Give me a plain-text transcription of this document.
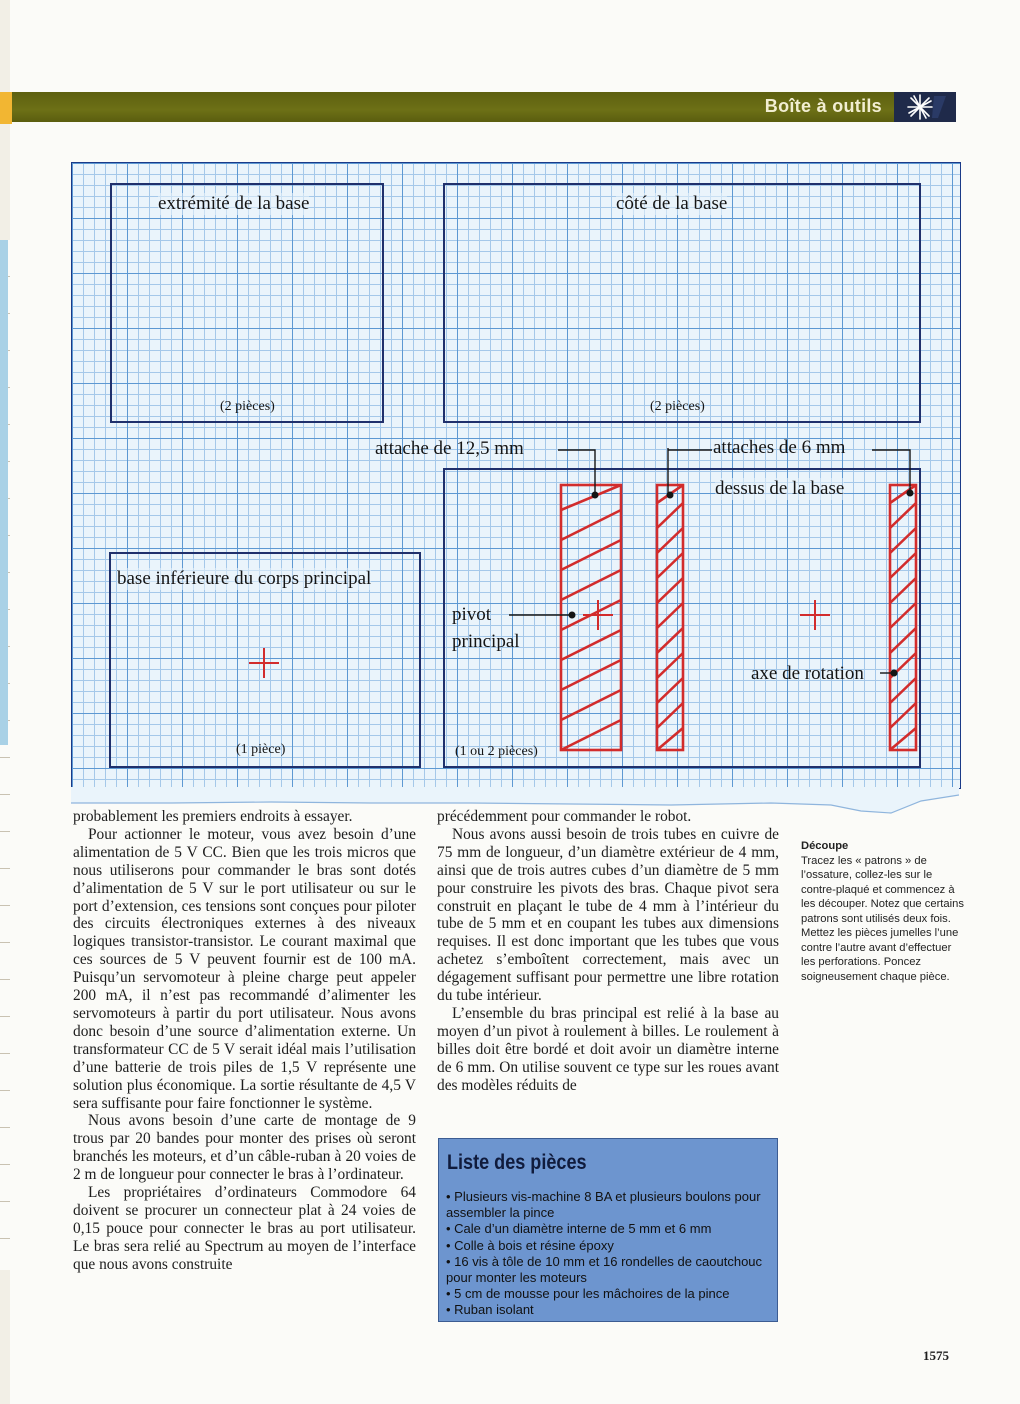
Boîte à outils
extrémité de la base
(2 pièces)
côté de la base
(2 pièces)
base inférieure du corps principal
(1 pièce)
dessus de la base
(1 ou 2 pièces)
attache de 12,5 mm	attaches de 6 mm
pivot
principal
axe de rotation

probablement les premiers endroits à essayer.

Pour actionner le moteur, vous avez besoin d’une alimentation de 5 V CC. Bien que les trois micros que nous utiliserons pour commander le bras sont dotés d’alimentation de 5 V sur le port utilisateur ou sur le port d’extension, ces tensions sont conçues pour piloter des circuits électroniques externes à des niveaux logiques transistor-transistor. Le courant maximal que ces sources de 5 V peuvent fournir est de 100 mA. Puisqu’un servomoteur à pleine charge peut appeler 200 mA, il n’est pas recommandé d’alimenter les servomoteurs à partir du port utilisateur. Nous avons donc besoin d’une source d’alimentation externe. Un transformateur CC de 5 V serait idéal mais l’utilisation d’une batterie de trois piles de 1,5 V représente une solution plus économique. La sortie résultante de 4,5 V sera suffisante pour faire fonctionner le système.

Nous avons besoin d’une carte de montage de 9 trous par 20 bandes pour monter des prises où seront branchés les moteurs, et d’un câble-ruban à 20 voies de 2 m de longueur pour connecter le bras à l’ordinateur.

Les propriétaires d’ordinateurs Commodore 64 doivent se procurer un connecteur plat à 24 voies de 0,15 pouce pour connecter le bras au port utilisateur. Le bras sera relié au Spectrum au moyen de l’interface que nous avons construite

précédemment pour commander le robot.

Nous avons aussi besoin de trois tubes en cuivre de 75 mm de longueur, d’un diamètre extérieur de 4 mm, ainsi que de trois autres cubes d’un diamètre de 5 mm pour construire les pivots des bras. Chaque pivot sera construit en plaçant le tube de 4 mm à l’intérieur du tube de 5 mm et en coupant les tubes aux dimensions requises. Il est donc important que les tubes que vous achetez s’emboîtent correctement, mais avec un dégagement suffisant pour permettre une libre rotation du tube intérieur.

L’ensemble du bras principal est relié à la base au moyen d’un pivot à roulement à billes. Le roulement à billes doit être bordé et doit avoir un diamètre interne de 6 mm. On utilise souvent ce type sur les roues avant des modèles réduits de

Découpe
Tracez les « patrons » de l’ossature, collez-les sur le contre-plaqué et commencez à les découper. Notez que certains patrons sont utilisés deux fois. Mettez les pièces jumelles l’une contre l’autre avant d’effectuer les perforations. Poncez soigneusement chaque pièce.
Liste des pièces
• Plusieurs vis-machine 8 BA et plusieurs boulons pour assembler la pince
• Cale d’un diamètre interne de 5 mm et 6 mm
• Colle à bois et résine époxy
• 16 vis à tôle de 10 mm et 16 rondelles de caoutchouc pour monter les moteurs
• 5 cm de mousse pour les mâchoires de la pince
• Ruban isolant
1575
